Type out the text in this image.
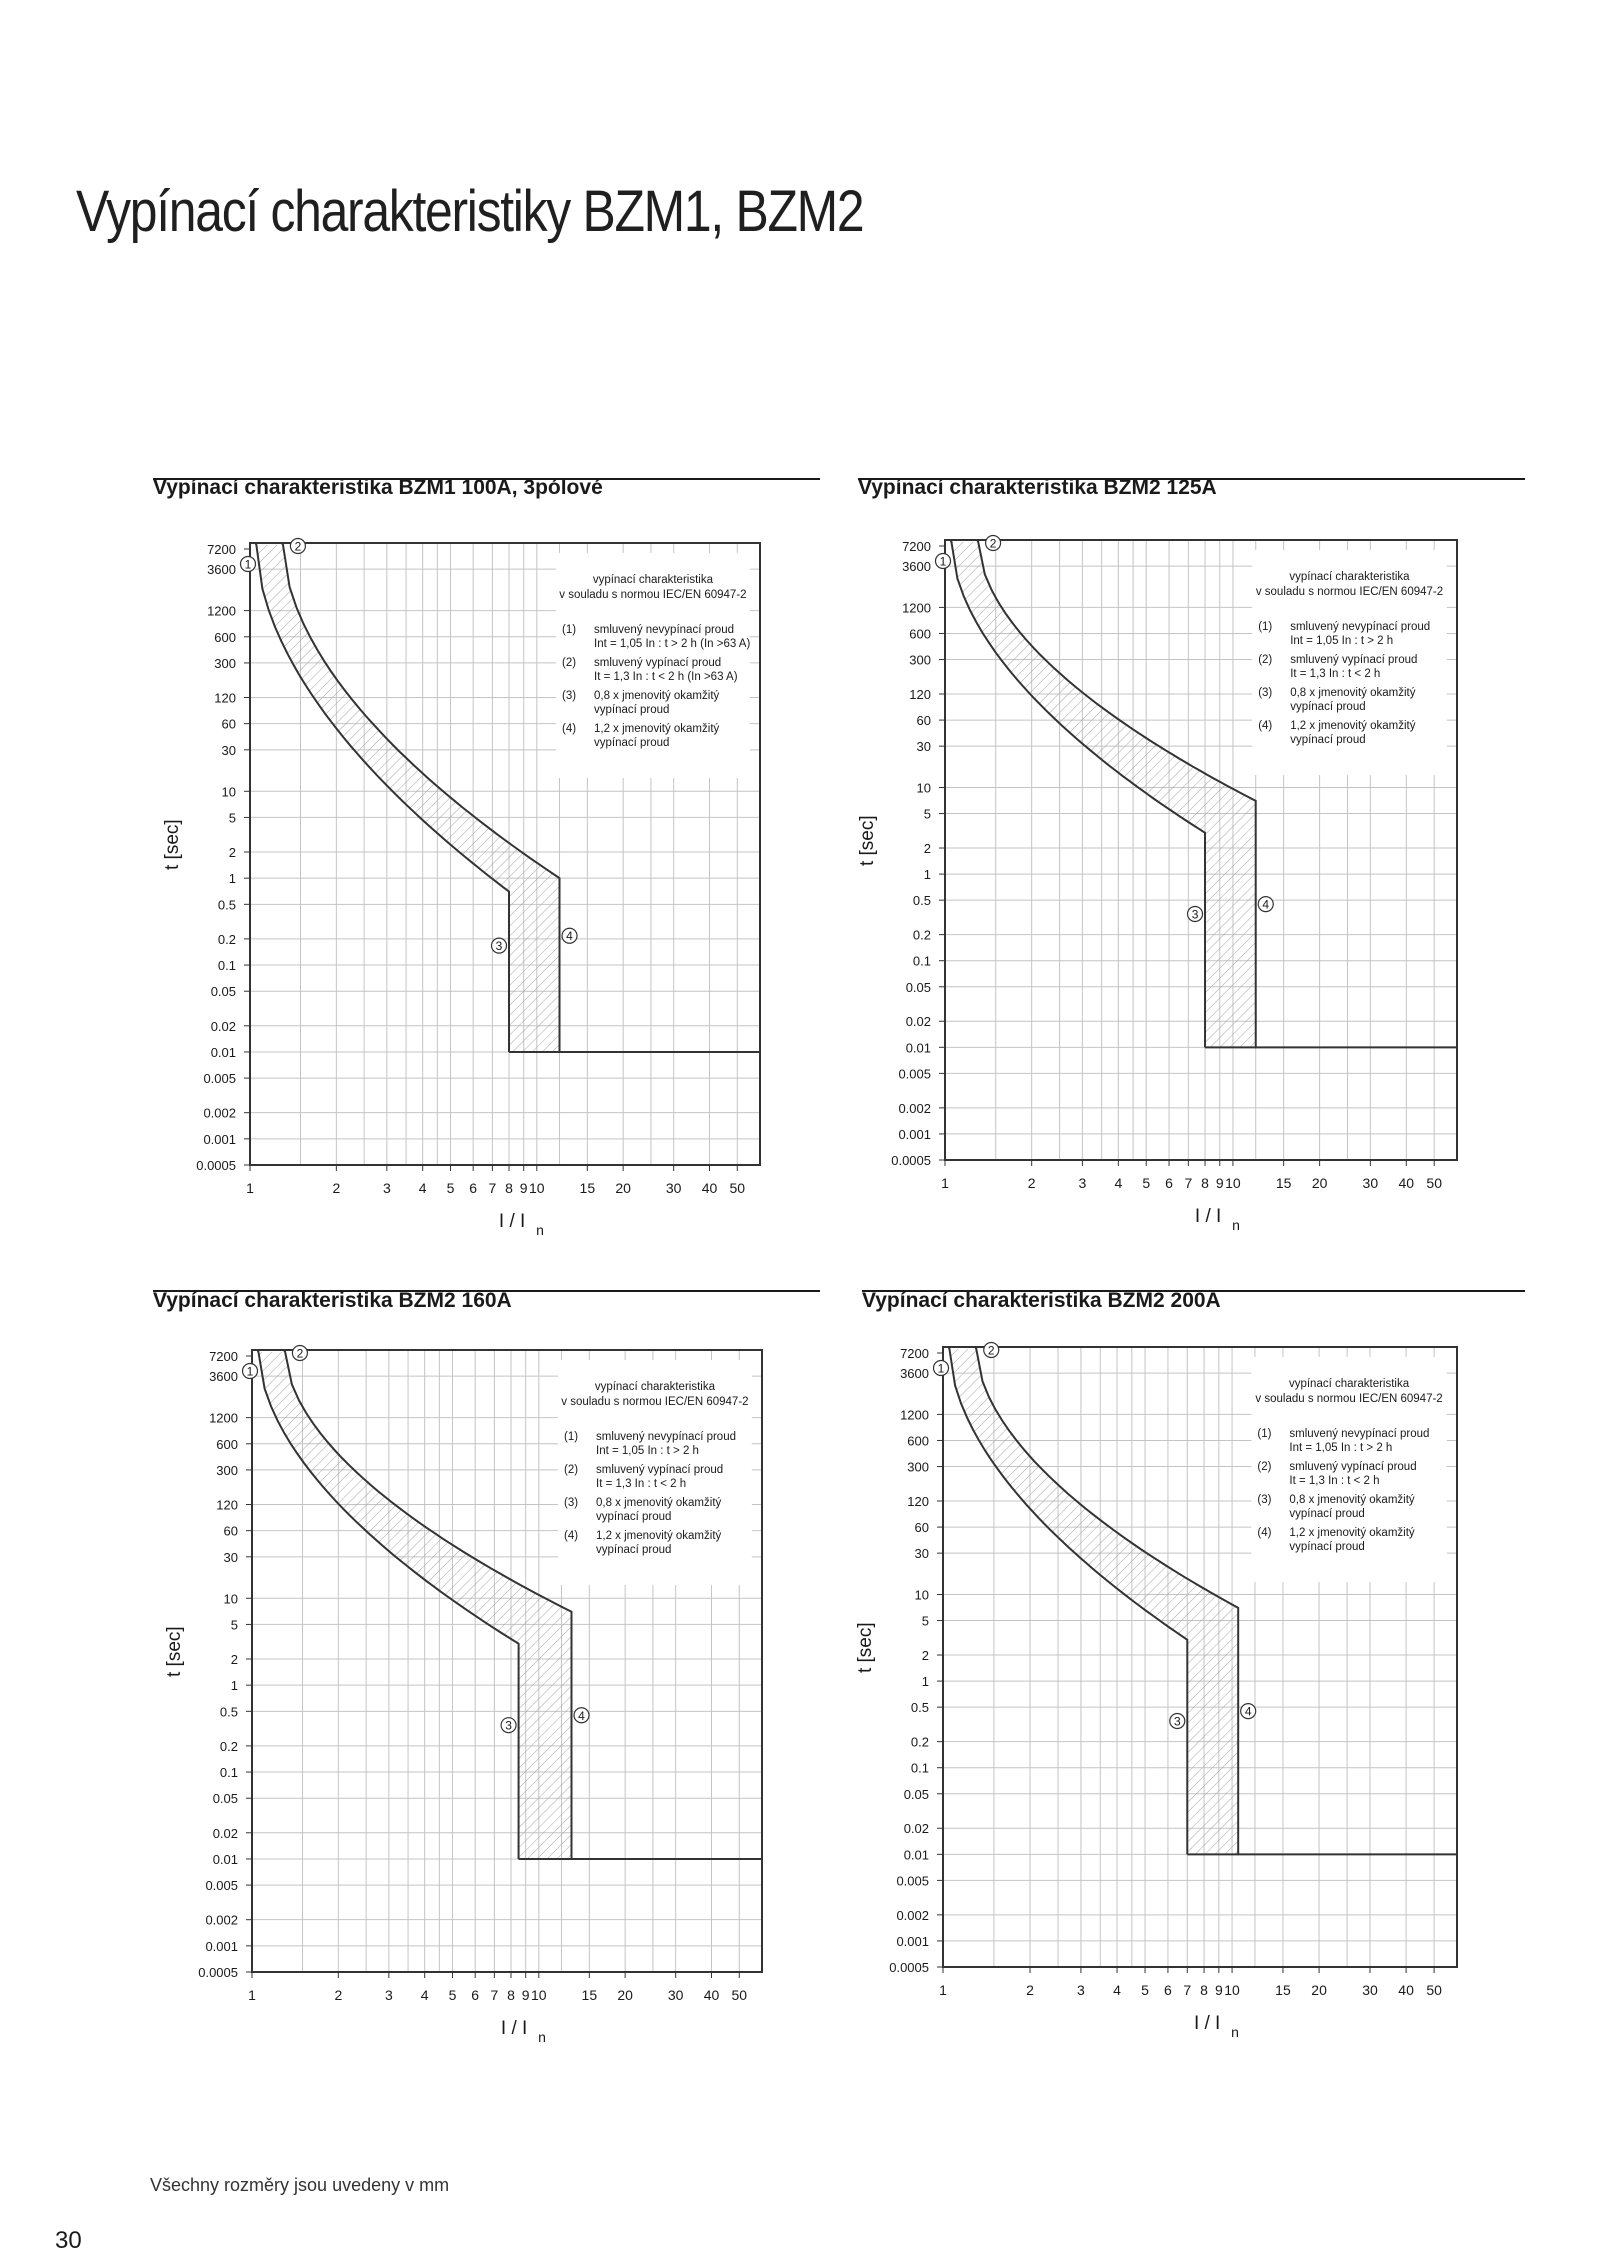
Vypínací charakteristiky BZM1, BZM2
Vypínací charakteristika BZM1 100A, 3pólové	Vypínací charakteristika BZM2 125A
Vypínací charakteristika BZM2 160A	Vypínací charakteristika BZM2 200A
7200
3600
1200
600
300
120
60
30
10
5
2
1
0.5
0.2
0.1
0.05
0.02
0.01
0.005
0.002
0.001
0.0005
1	2	3 4 5 6 7 8 9 10 15 20 30 40 50
t [sec]
I / I n
1
2
3
4
vypínací charakteristika
v souladu s normou IEC/EN 60947-2
(1) smluvený nevypínací proud
Int = 1,05 In : t > 2 h (In >63 A)
(2) smluvený vypínací proud
It = 1,3 In : t < 2 h (In >63 A)
(3) 0,8 x jmenovitý okamžitý
vypínací proud
(4) 1,2 x jmenovitý okamžitý
vypínací proud
7200
3600
1200
600
300
120
60
30
10
5
2
1
0.5
0.2
0.1
0.05
0.02
0.01
0.005
0.002
0.001
0.0005
1	2	3 4 5 6 7 8 9 10	15 20	30 40 50
t [sec]
I / I n
1
2
3
4
vypínací charakteristika
v souladu s normou IEC/EN 60947-2
(1) smluvený nevypínací proud
Int = 1,05 In : t > 2 h
(2) smluvený vypínací proud
It = 1,3 In : t < 2 h
(3) 0,8 x jmenovitý okamžitý
vypínací proud
(4) 1,2 x jmenovitý okamžitý
vypínací proud
7200
3600
1200
600
300
120
60
30
10
5
2
1
0.5
0.2
0.1
0.05
0.02
0.01
0.005
0.002
0.001
0.0005
1	2	3 4 5 6 7 8 9 10 15 20 30 40 50
t [sec]
I / I n
1
2
3
4
vypínací charakteristika
v souladu s normou IEC/EN 60947-2
(1) smluvený nevypínací proud
Int = 1,05 In : t > 2 h
(2) smluvený vypínací proud
It = 1,3 In : t < 2 h
(3) 0,8 x jmenovitý okamžitý
vypínací proud
(4) 1,2 x jmenovitý okamžitý
vypínací proud
7200
3600
1200
600
300
120
60
30
10
5
2
1
0.5
0.2
0.1
0.05
0.02
0.01
0.005
0.002
0.001
0.0005
1	2	3 4 5 6 7 8 9 10	15 20	30 40 50
t [sec]
I / I n
1
2
3
4
vypínací charakteristika
v souladu s normou IEC/EN 60947-2
(1) smluvený nevypínací proud
Int = 1,05 In : t > 2 h
(2) smluvený vypínací proud
It = 1,3 In : t < 2 h
(3) 0,8 x jmenovitý okamžitý
vypínací proud
(4) 1,2 x jmenovitý okamžitý
vypínací proud
Všechny rozměry jsou uvedeny v mm
30
